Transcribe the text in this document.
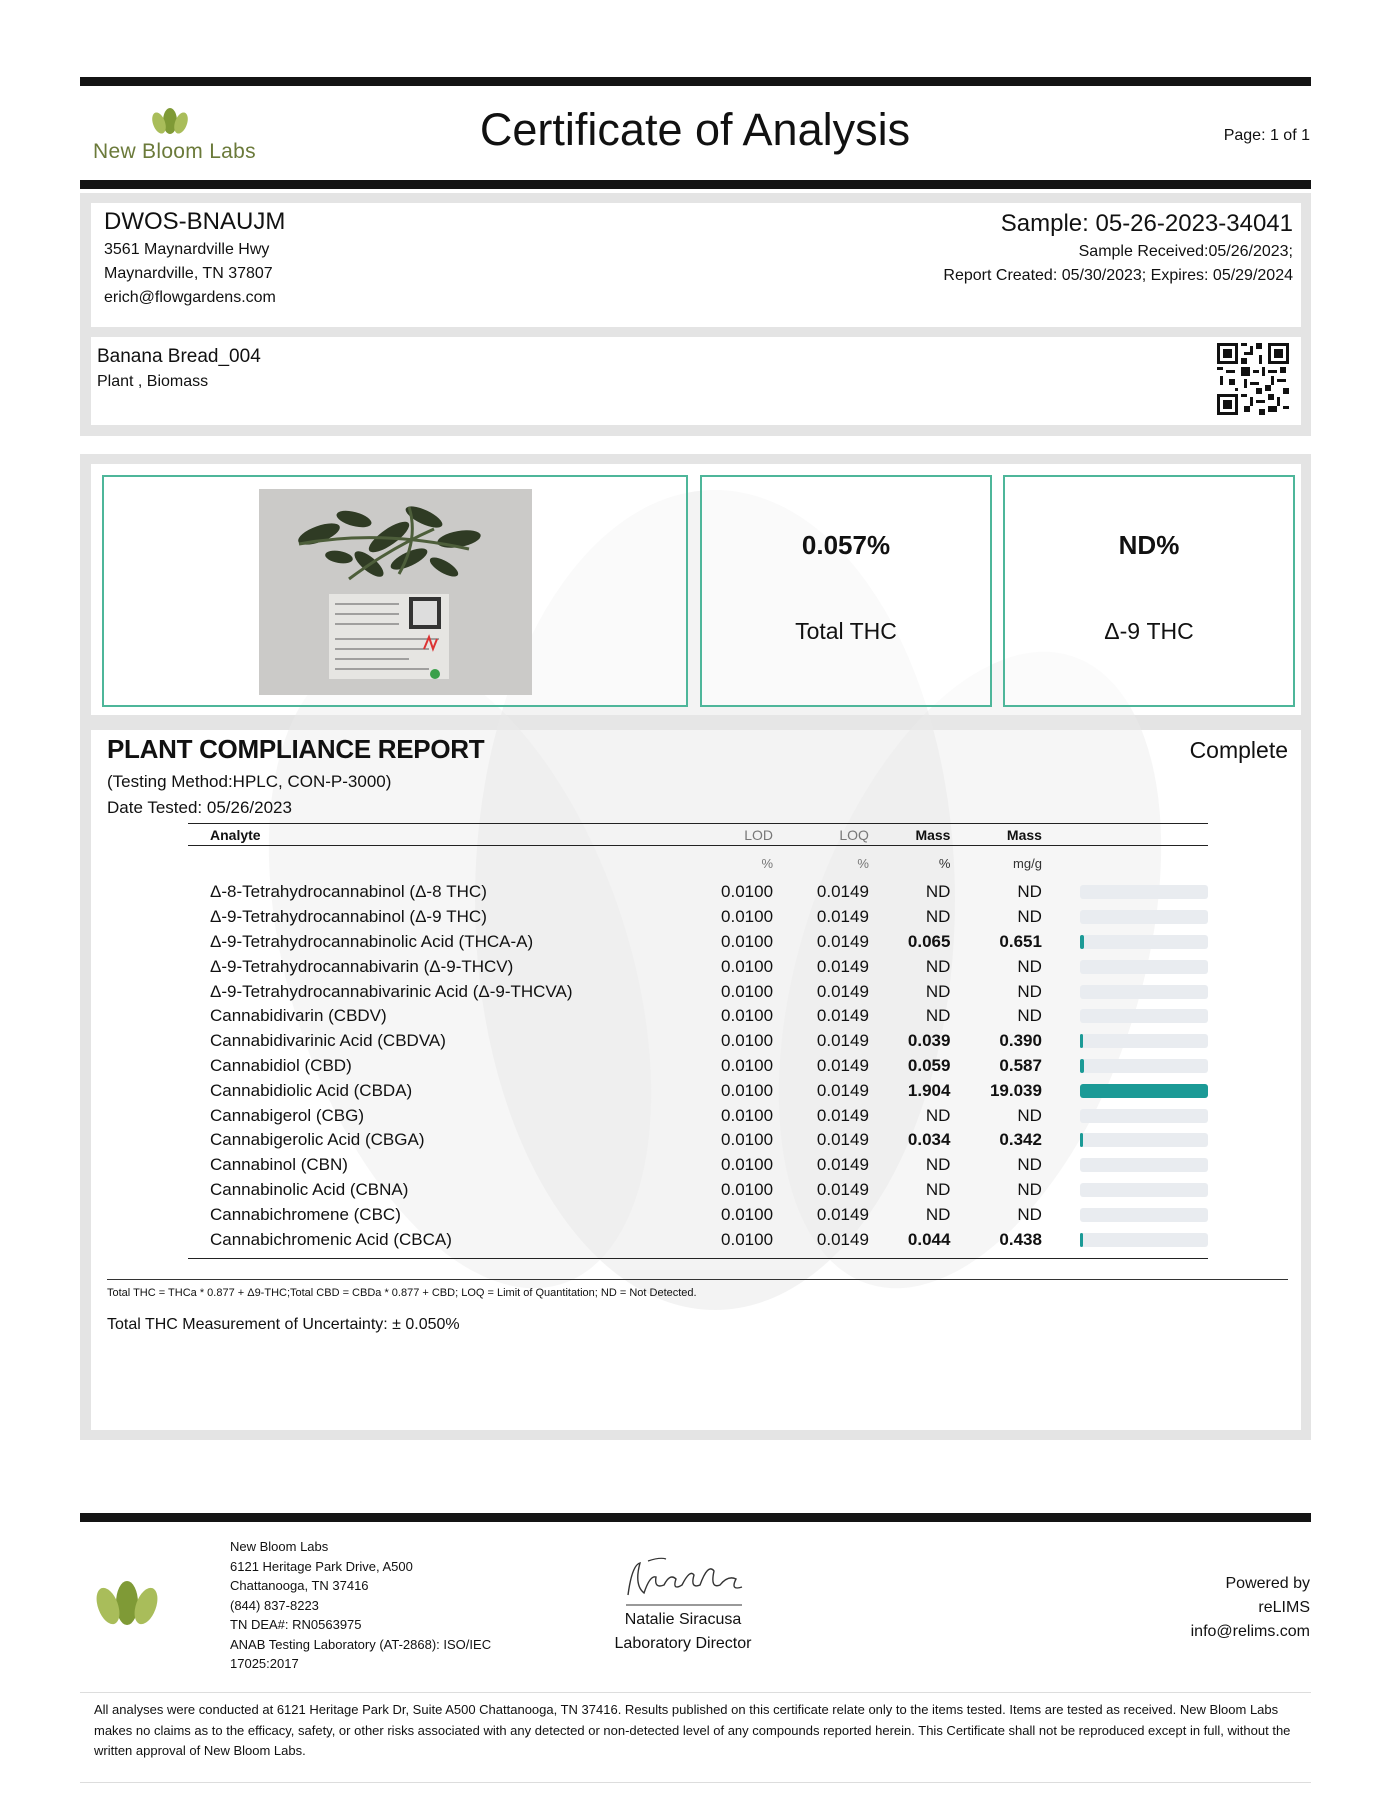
New Bloom Labs	Certificate of Analysis	Page: 1 of 1
DWOS-BNAUJM
3561 Maynardville Hwy
Maynardville, TN 37807
erich@flowgardens.com
Sample: 05-26-2023-34041
Sample Received:05/26/2023;
Report Created: 05/30/2023; Expires: 05/29/2024
Banana Bread_004
Plant , Biomass
0.057%
Total THC
ND%
Δ-9 THC
PLANT COMPLIANCE REPORT	Complete
(Testing Method:HPLC, CON-P-3000)
Date Tested: 05/26/2023
Analyte	LOD	LOQ	Mass	Mass	
	%	%	%	mg/g	
Δ-8-Tetrahydrocannabinol (Δ-8 THC)	0.0100	0.0149	ND	ND	

Δ-9-Tetrahydrocannabinol (Δ-9 THC)	0.0100	0.0149	ND	ND	

Δ-9-Tetrahydrocannabinolic Acid (THCA-A)	0.0100	0.0149	0.065	0.651	

Δ-9-Tetrahydrocannabivarin (Δ-9-THCV)	0.0100	0.0149	ND	ND	

Δ-9-Tetrahydrocannabivarinic Acid (Δ-9-THCVA)	0.0100	0.0149	ND	ND	

Cannabidivarin (CBDV)	0.0100	0.0149	ND	ND	

Cannabidivarinic Acid (CBDVA)	0.0100	0.0149	0.039	0.390	

Cannabidiol (CBD)	0.0100	0.0149	0.059	0.587	

Cannabidiolic Acid (CBDA)	0.0100	0.0149	1.904	19.039	

Cannabigerol (CBG)	0.0100	0.0149	ND	ND	

Cannabigerolic Acid (CBGA)	0.0100	0.0149	0.034	0.342	

Cannabinol (CBN)	0.0100	0.0149	ND	ND	

Cannabinolic Acid (CBNA)	0.0100	0.0149	ND	ND	

Cannabichromene (CBC)	0.0100	0.0149	ND	ND	

Cannabichromenic Acid (CBCA)	0.0100	0.0149	0.044	0.438	

Total THC = THCa * 0.877 + Δ9-THC;Total CBD = CBDa * 0.877 + CBD; LOQ = Limit of Quantitation; ND = Not Detected.
Total THC Measurement of Uncertainty: ± 0.050%
New Bloom Labs
6121 Heritage Park Drive, A500
Chattanooga, TN 37416
(844) 837-8223
TN DEA#: RN0563975
ANAB Testing Laboratory (AT-2868): ISO/IEC
17025:2017
Natalie Siracusa
Laboratory Director
Powered by
reLIMS
info@relims.com
All analyses were conducted at 6121 Heritage Park Dr, Suite A500 Chattanooga, TN 37416. Results published on this certificate relate only to the items tested. Items are tested as received. New Bloom Labs makes no claims as to the efficacy, safety, or other risks associated with any detected or non-detected level of any compounds reported herein. This Certificate shall not be reproduced except in full, without the written approval of New Bloom Labs.
